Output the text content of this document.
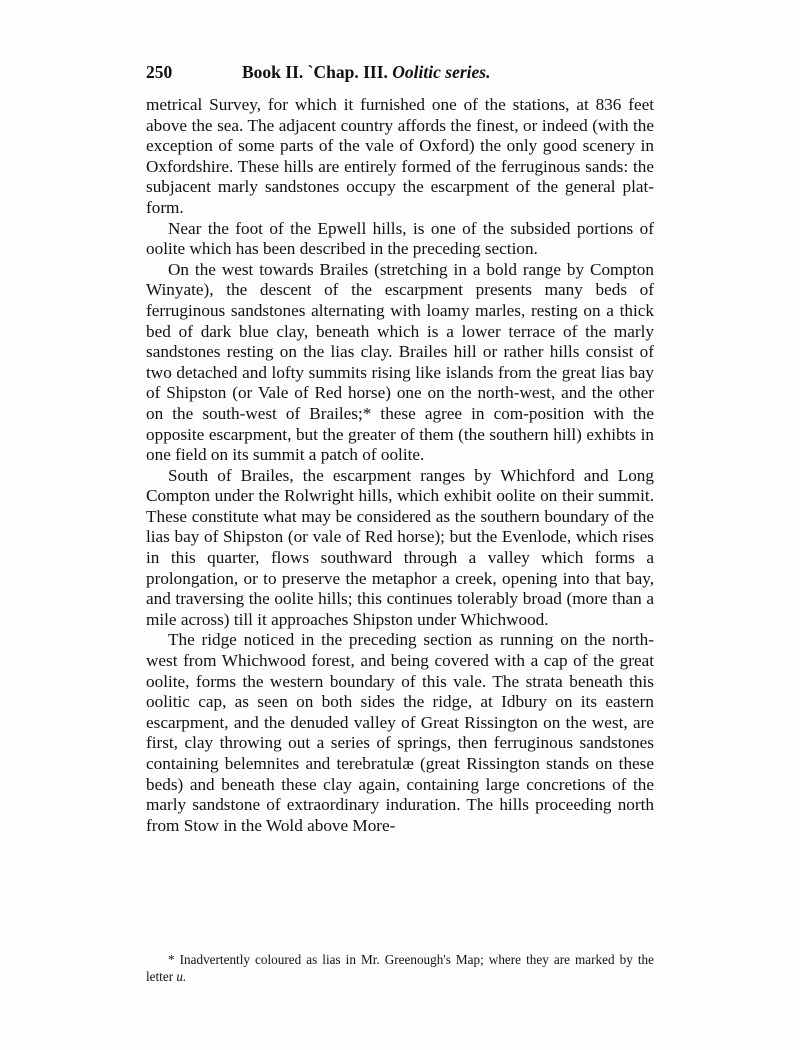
250	Book II. `Chap. III. Oolitic series.

metrical Survey, for which it furnished one of the stations, at 836 feet above the sea. The adjacent country affords the finest, or indeed (with the exception of some parts of the vale of Oxford) the only good scenery in Oxfordshire. These hills are entirely formed of the ferruginous sands: the subjacent marly sandstones occupy the escarpment of the general plat-form.

Near the foot of the Epwell hills, is one of the subsided portions of oolite which has been described in the preceding section.

On the west towards Brailes (stretching in a bold range by Compton Winyate), the descent of the escarpment presents many beds of ferruginous sandstones alternating with loamy marles, resting on a thick bed of dark blue clay, beneath which is a lower terrace of the marly sandstones resting on the lias clay. Brailes hill or rather hills consist of two detached and lofty summits rising like islands from the great lias bay of Shipston (or Vale of Red horse) one on the north-west, and the other on the south-west of Brailes;* these agree in com-position with the opposite escarpment, but the greater of them (the southern hill) exhibts in one field on its summit a patch of oolite.

South of Brailes, the escarpment ranges by Whichford and Long Compton under the Rolwright hills, which exhibit oolite on their summit. These constitute what may be considered as the southern boundary of the lias bay of Shipston (or vale of Red horse); but the Evenlode, which rises in this quarter, flows southward through a valley which forms a prolongation, or to preserve the metaphor a creek, opening into that bay, and traversing the oolite hills; this continues tolerably broad (more than a mile across) till it approaches Shipston under Whichwood.

The ridge noticed in the preceding section as running on the north-west from Whichwood forest, and being covered with a cap of the great oolite, forms the western boundary of this vale. The strata beneath this oolitic cap, as seen on both sides the ridge, at Idbury on its eastern escarpment, and the denuded valley of Great Rissington on the west, are first, clay throwing out a series of springs, then ferruginous sandstones containing belemnites and terebratulæ (great Rissington stands on these beds) and beneath these clay again, containing large concretions of the marly sandstone of extraordinary induration. The hills proceeding north from Stow in the Wold above More-

* Inadvertently coloured as lias in Mr. Greenough's Map; where they are marked by the letter u.
